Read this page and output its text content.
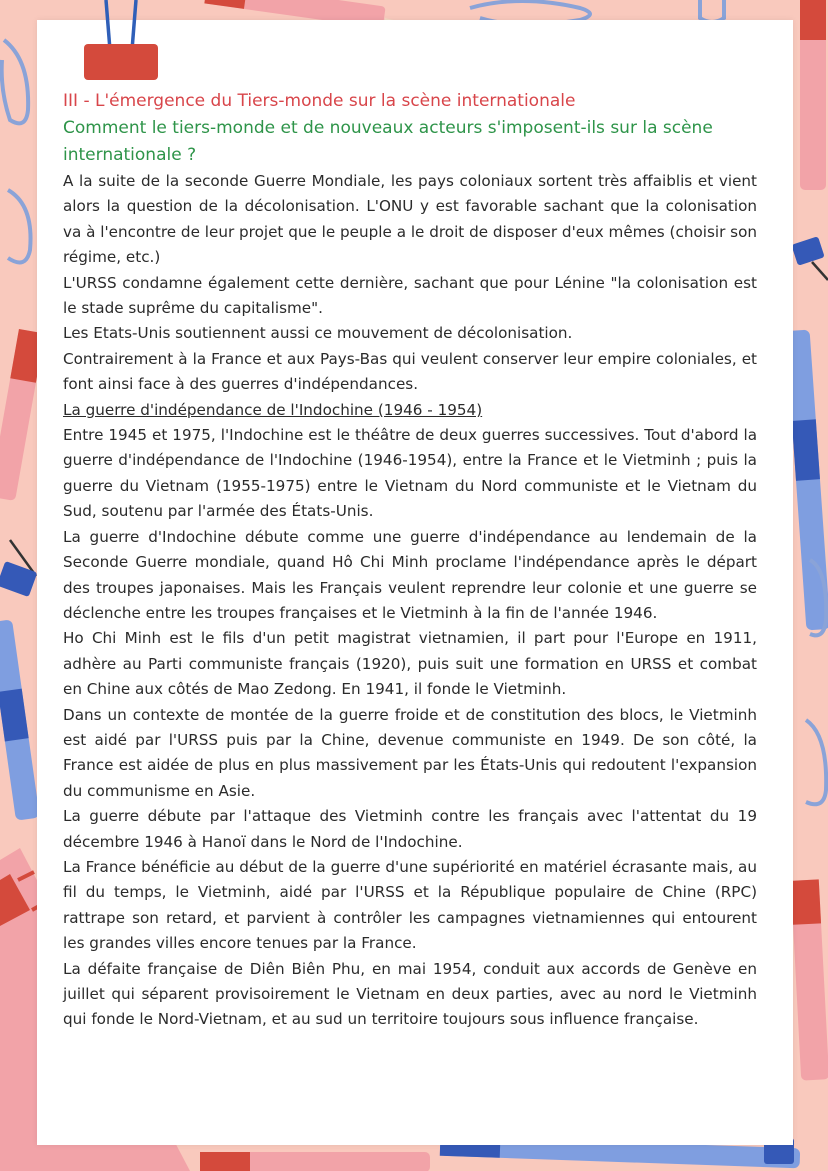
III - L'émergence du Tiers-monde sur la scène internationale

Comment le tiers-monde et de nouveaux acteurs s'imposent-ils sur la scène internationale ?

A la suite de la seconde Guerre Mondiale, les pays coloniaux sortent très affaiblis et vient alors la question de la décolonisation. L'ONU y est favorable sachant que la colonisation va à l'encontre de leur projet que le peuple a le droit de disposer d'eux mêmes (choisir son régime, etc.)

L'URSS condamne également cette dernière, sachant que pour Lénine "la colonisation est le stade suprême du capitalisme".

Les Etats-Unis soutiennent aussi ce mouvement de décolonisation.

Contrairement à la France et aux Pays-Bas qui veulent conserver leur empire coloniales, et font ainsi face à des guerres d'indépendances.

La guerre d'indépendance de l'Indochine (1946 - 1954)

Entre 1945 et 1975, l'Indochine est le théâtre de deux guerres successives. Tout d'abord la guerre d'indépendance de l'Indochine (1946-1954), entre la France et le Vietminh ; puis la guerre du Vietnam (1955-1975) entre le Vietnam du Nord communiste et le Vietnam du Sud, soutenu par l'armée des États-Unis.

La guerre d'Indochine débute comme une guerre d'indépendance au lendemain de la Seconde Guerre mondiale, quand Hô Chi Minh proclame l'indépendance après le départ des troupes japonaises. Mais les Français veulent reprendre leur colonie et une guerre se déclenche entre les troupes françaises et le Vietminh à la fin de l'année 1946.

Ho Chi Minh est le fils d'un petit magistrat vietnamien, il part pour l'Europe en 1911, adhère au Parti communiste français (1920), puis suit une formation en URSS et combat en Chine aux côtés de Mao Zedong. En 1941, il fonde le Vietminh.

Dans un contexte de montée de la guerre froide et de constitution des blocs, le Vietminh est aidé par l'URSS puis par la Chine, devenue communiste en 1949. De son côté, la France est aidée de plus en plus massivement par les États-Unis qui redoutent l'expansion du communisme en Asie.

La guerre débute par l'attaque des Vietminh contre les français avec l'attentat du 19 décembre 1946 à Hanoï dans le Nord de l'Indochine.

La France bénéficie au début de la guerre d'une supériorité en matériel écrasante mais, au fil du temps, le Vietminh, aidé par l'URSS et la République populaire de Chine (RPC) rattrape son retard, et parvient à contrôler les campagnes vietnamiennes qui entourent les grandes villes encore tenues par la France.

La défaite française de Diên Biên Phu, en mai 1954, conduit aux accords de Genève en juillet qui séparent provisoirement le Vietnam en deux parties, avec au nord le Vietminh qui fonde le Nord-Vietnam, et au sud un territoire toujours sous influence française.
